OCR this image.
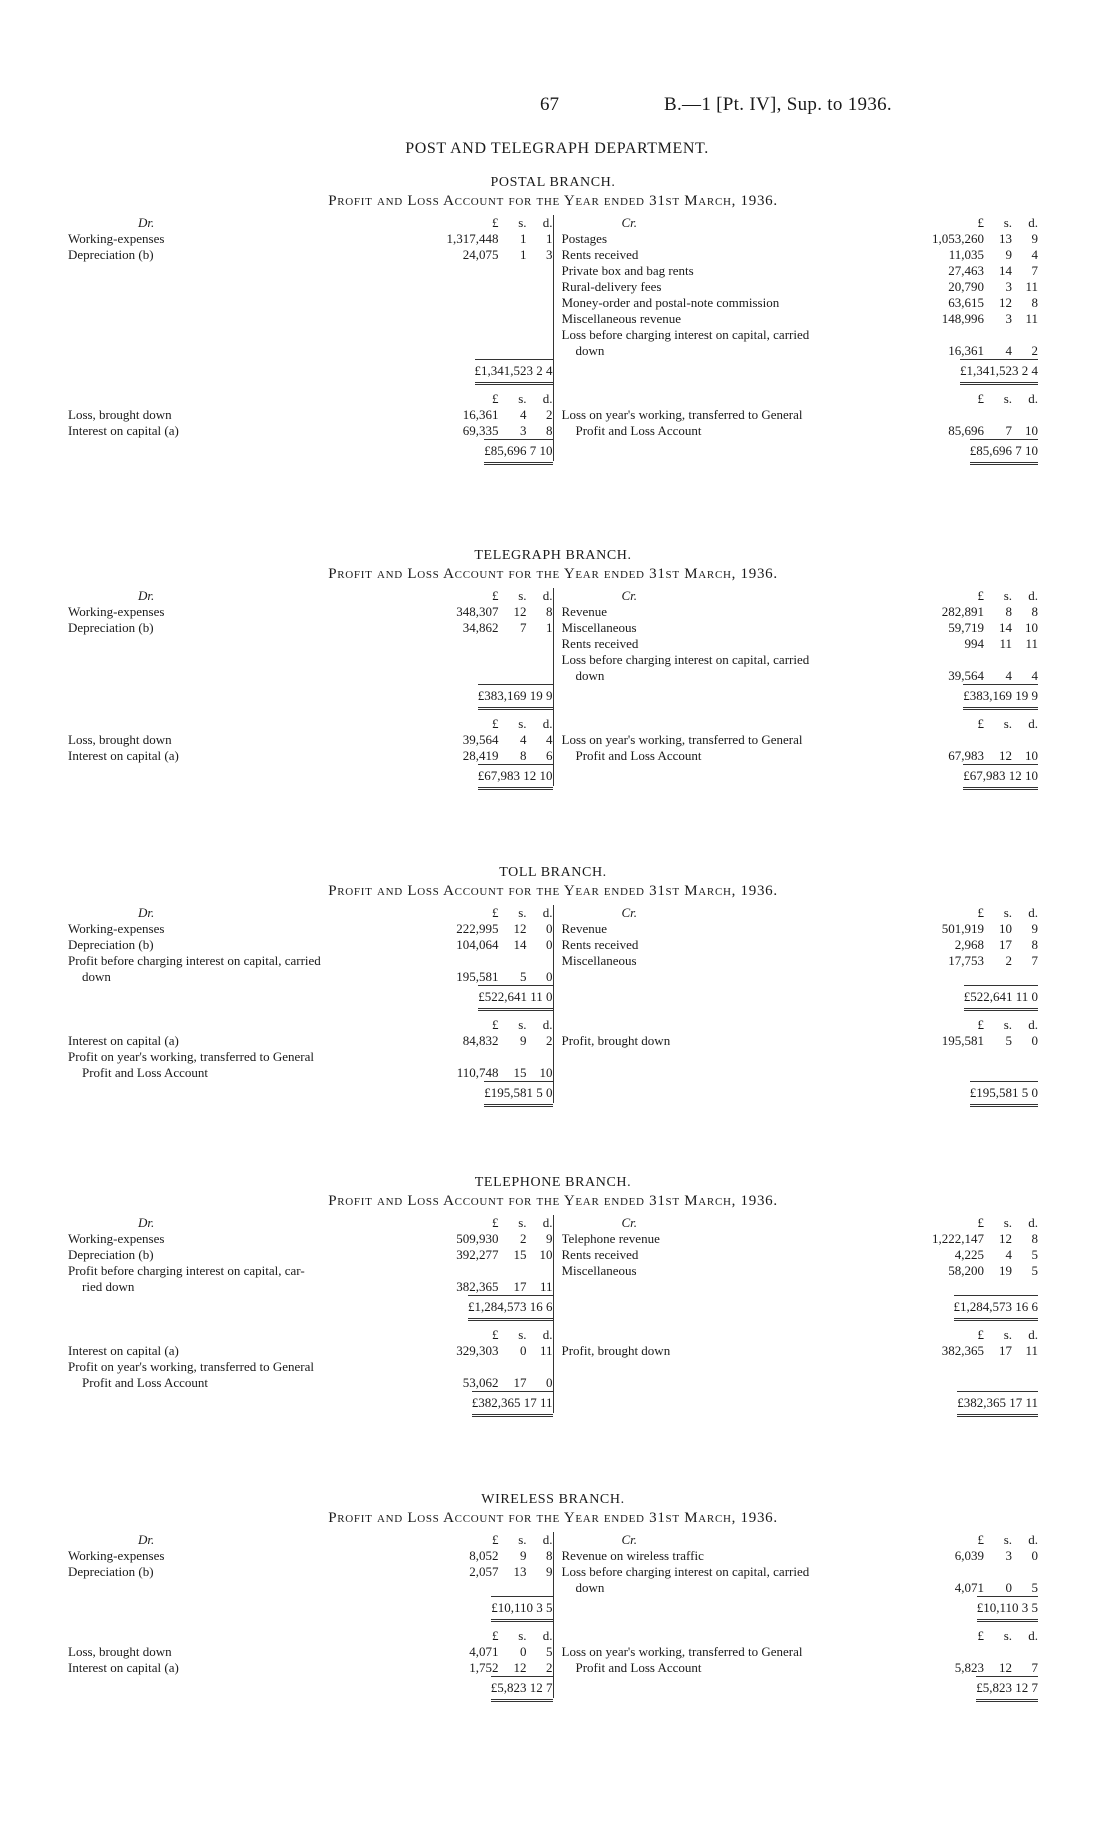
67	B.—1 [Pt. IV], Sup. to 1936.
POST AND TELEGRAPH DEPARTMENT.
POSTAL BRANCH.
Profit and Loss Account for the Year ended 31st March, 1936.
Dr.	£	s.	d.
Working-expenses	1,317,448	1	1
Depreciation (b)	24,075	1	3
£1,341,523 2 4
£	s.	d.
Loss, brought down	16,361	4	2
Interest on capital (a)	69,335	3	8
£85,696 7 10
Cr.	£	s.	d.
Postages	1,053,260	13	9
Rents received	11,035	9	4
Private box and bag rents	27,463	14	7
Rural-delivery fees	20,790	3	11
Money-order and postal-note commission	63,615	12	8
Miscellaneous revenue	148,996	3	11
Loss before charging interest on capital, carried
down	16,361	4	2
£1,341,523 2 4
£	s.	d.
Loss on year's working, transferred to General
Profit and Loss Account	85,696	7	10
£85,696 7 10
TELEGRAPH BRANCH.
Profit and Loss Account for the Year ended 31st March, 1936.
Dr.	£	s.	d.
Working-expenses	348,307	12	8
Depreciation (b)	34,862	7	1
£383,169 19 9
£	s.	d.
Loss, brought down	39,564	4	4
Interest on capital (a)	28,419	8	6
£67,983 12 10
Cr.	£	s.	d.
Revenue	282,891	8	8
Miscellaneous	59,719	14	10
Rents received	994	11	11
Loss before charging interest on capital, carried
down	39,564	4	4
£383,169 19 9
£	s.	d.
Loss on year's working, transferred to General
Profit and Loss Account	67,983	12	10
£67,983 12 10
TOLL BRANCH.
Profit and Loss Account for the Year ended 31st March, 1936.
Dr.	£	s.	d.
Working-expenses	222,995	12	0
Depreciation (b)	104,064	14	0
Profit before charging interest on capital, carried
down	195,581	5	0
£522,641 11 0
£	s.	d.
Interest on capital (a)	84,832	9	2
Profit on year's working, transferred to General
Profit and Loss Account	110,748	15	10
£195,581 5 0
Cr.	£	s.	d.
Revenue	501,919	10	9
Rents received	2,968	17	8
Miscellaneous	17,753	2	7
£522,641 11 0
£	s.	d.
Profit, brought down	195,581	5	0
£195,581 5 0
TELEPHONE BRANCH.
Profit and Loss Account for the Year ended 31st March, 1936.
Dr.	£	s.	d.
Working-expenses	509,930	2	9
Depreciation (b)	392,277	15	10
Profit before charging interest on capital, car-
ried down	382,365	17	11
£1,284,573 16 6
£	s.	d.
Interest on capital (a)	329,303	0	11
Profit on year's working, transferred to General
Profit and Loss Account	53,062	17	0
£382,365 17 11
Cr.	£	s.	d.
Telephone revenue	1,222,147	12	8
Rents received	4,225	4	5
Miscellaneous	58,200	19	5
£1,284,573 16 6
£	s.	d.
Profit, brought down	382,365	17	11
£382,365 17 11
WIRELESS BRANCH.
Profit and Loss Account for the Year ended 31st March, 1936.
Dr.	£	s.	d.
Working-expenses	8,052	9	8
Depreciation (b)	2,057	13	9
£10,110 3 5
£	s.	d.
Loss, brought down	4,071	0	5
Interest on capital (a)	1,752	12	2
£5,823 12 7
Cr.	£	s.	d.
Revenue on wireless traffic	6,039	3	0
Loss before charging interest on capital, carried
down	4,071	0	5
£10,110 3 5
£	s.	d.
Loss on year's working, transferred to General
Profit and Loss Account	5,823	12	7
£5,823 12 7
